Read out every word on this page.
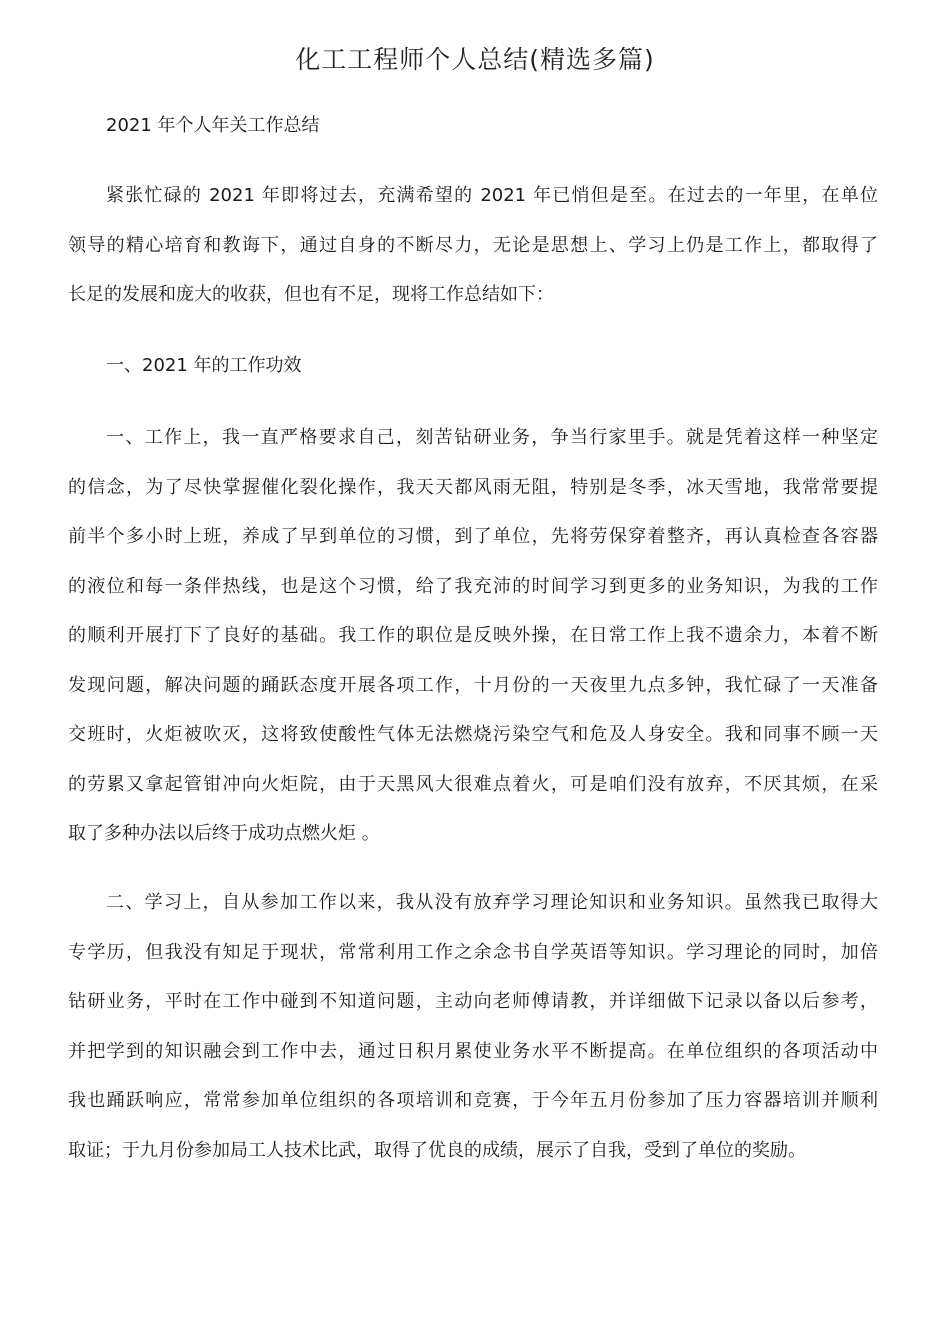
化工工程师个人总结(精选多篇)
2021 年个人年关工作总结
紧张忙碌的 2021 年即将过去，充满希望的 2021 年已悄但是至。在过去的一年里，在单位
领导的精心培育和教诲下，通过自身的不断尽力，无论是思想上、学习上仍是工作上，都取得了
长足的发展和庞大的收获，但也有不足，现将工作总结如下：
一、2021 年的工作功效
一、工作上，我一直严格要求自己，刻苦钻研业务，争当行家里手。就是凭着这样一种坚定
的信念，为了尽快掌握催化裂化操作，我天天都风雨无阻，特别是冬季，冰天雪地，我常常要提
前半个多小时上班，养成了早到单位的习惯，到了单位，先将劳保穿着整齐，再认真检查各容器
的液位和每一条伴热线，也是这个习惯，给了我充沛的时间学习到更多的业务知识，为我的工作
的顺利开展打下了良好的基础。我工作的职位是反映外操，在日常工作上我不遗余力，本着不断
发现问题，解决问题的踊跃态度开展各项工作，十月份的一天夜里九点多钟，我忙碌了一天准备
交班时，火炬被吹灭，这将致使酸性气体无法燃烧污染空气和危及人身安全。我和同事不顾一天
的劳累又拿起管钳冲向火炬院，由于天黑风大很难点着火，可是咱们没有放弃，不厌其烦，在采
取了多种办法以后终于成功点燃火炬 。
二、学习上，自从参加工作以来，我从没有放弃学习理论知识和业务知识。虽然我已取得大
专学历，但我没有知足于现状，常常利用工作之余念书自学英语等知识。学习理论的同时，加倍
钻研业务，平时在工作中碰到不知道问题，主动向老师傅请教，并详细做下记录以备以后参考，
并把学到的知识融会到工作中去，通过日积月累使业务水平不断提高。在单位组织的各项活动中
我也踊跃响应，常常参加单位组织的各项培训和竞赛，于今年五月份参加了压力容器培训并顺利
取证；于九月份参加局工人技术比武，取得了优良的成绩，展示了自我，受到了单位的奖励。
